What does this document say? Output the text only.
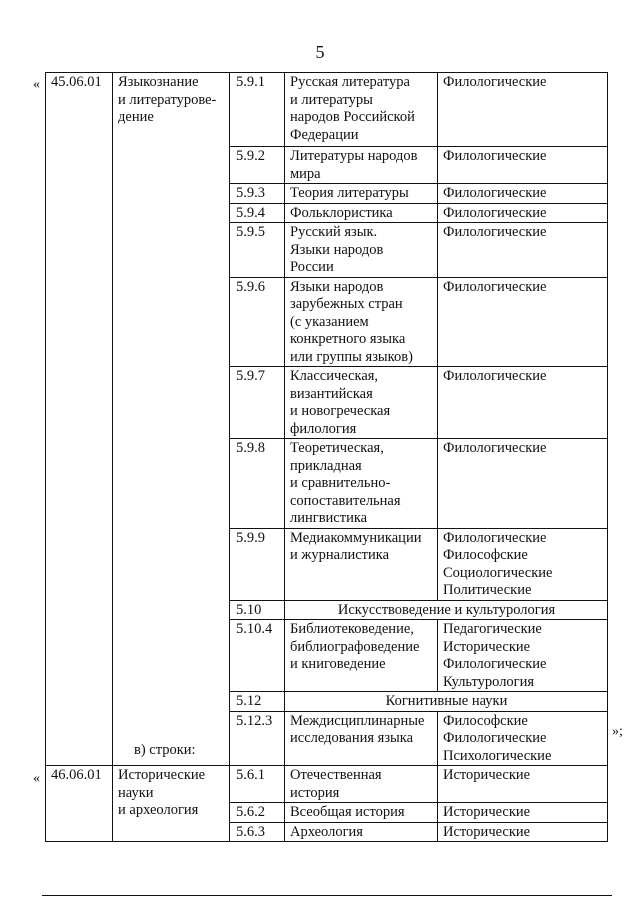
5
« 45.06.01	Языкознание
и литературове-
дение	5.9.1	Русская литература
и литературы
народов Российской
Федерации	Филологические
		5.9.2	Литературы народов
мира	Филологические
		5.9.3	Теория литературы	Филологические
		5.9.4	Фольклористика	Филологические
		5.9.5	Русский язык.
Языки народов
России	Филологические
		5.9.6	Языки народов
зарубежных стран
(с указанием
конкретного языка
или группы языков)	Филологические
		5.9.7	Классическая,
византийская
и новогреческая
филология	Филологические
		5.9.8	Теоретическая,
прикладная
и сравнительно-
сопоставительная
лингвистика	Филологические
		5.9.9	Медиакоммуникации
и журналистика	Филологические
Философские
Социологические
Политические
		5.10	Искусствоведение и культурология	
		5.10.4	Библиотековедение,
библиографоведение
и книговедение	Педагогические
Исторические
Филологические
Культурология
		5.12	Когнитивные науки	
		5.12.3	Междисциплинарные
исследования языка	Философские
Филологические
Психологические
»;
в) строки:
« 46.06.01	Исторические
науки
и археология	5.6.1	Отечественная
история	Исторические
		5.6.2	Всеобщая история	Исторические
		5.6.3	Археология	Исторические
